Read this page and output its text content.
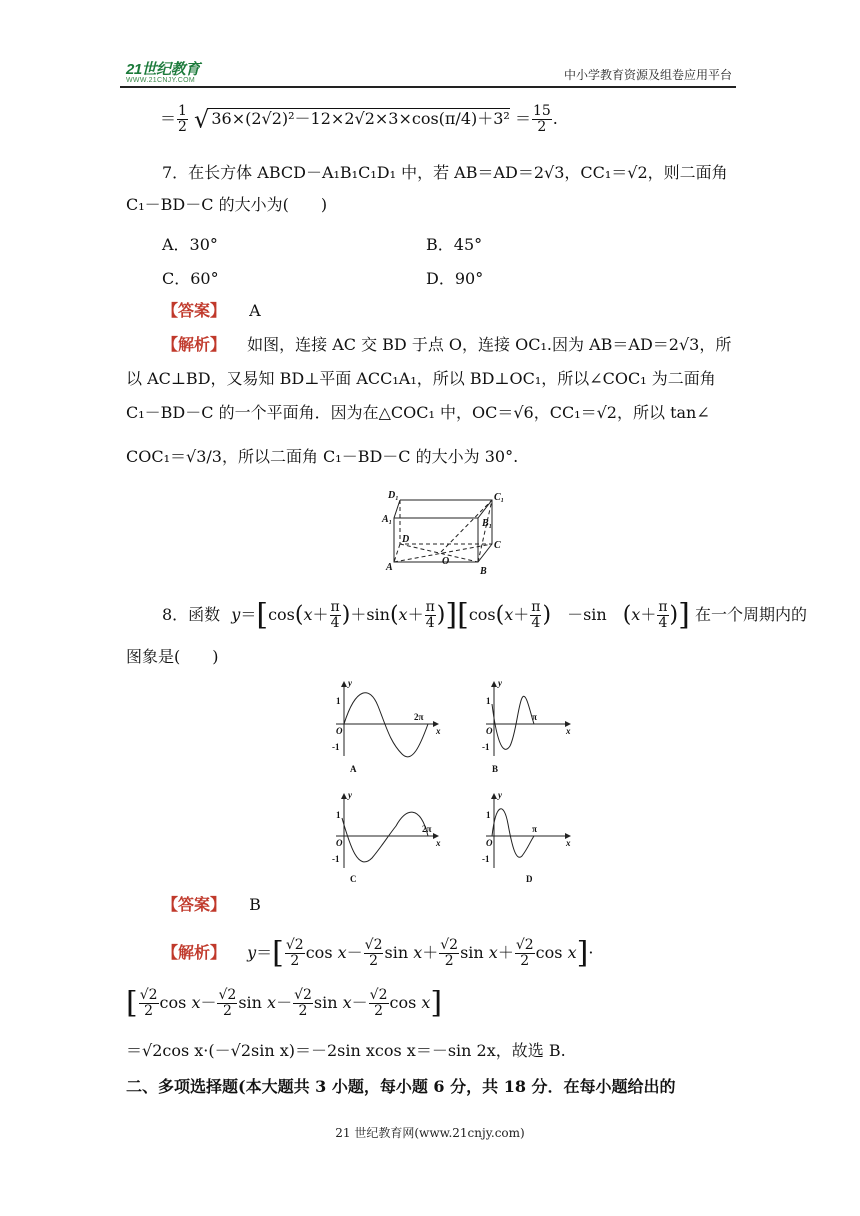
21世纪教育
WWW.21CNJY.COM	中小学教育资源及组卷应用平台
＝ $\frac{1}{2}$ √ $36\times(2√2)^2-12\times 2√2\times 3\times\cos(\pi/4)+3^2 = \frac{15}{2}$ .
7．在长方体 ABCD－A₁B₁C₁D₁ 中，若 AB＝AD＝2√3，CC₁＝√2，则二面角
C₁－BD－C 的大小为(　　)
A．30°	B．45°
C．60°	D．90°
【答案】 A
【解析】 如图，连接 AC 交 BD 于点 O，连接 OC₁.因为 AB＝AD＝2√3，所
以 AC⊥BD，又易知 BD⊥平面 ACC₁A₁，所以 BD⊥OC₁，所以∠COC₁ 为二面角
C₁－BD－C 的一个平面角．因为在△COC₁ 中，OC＝√6，CC₁＝√2，所以 tan∠
COC₁＝√3/3，所以二面角 C₁－BD－C 的大小为 30°.
D₁	C₁
A₁	B₁
D
C
O
A	B
8．函数 $y=[\cos(x+ \frac{\pi}{4} )+\sin(x+ \frac{\pi}{4} )][\cos(x+ \frac{\pi}{4}$ )　－sin　($x+ \frac{\pi}{4}$ )] 在一个周期内的
图象是(　　)
y
1
O
-1
2π
x
A
y
1
O
-1
π
x
B
y
1
O
-1
2π
x
C
y
1
O
-1
π
x
D
【答案】 B
【解析】 $y=[ \frac{√2}{2}$ $\cos x- \frac{√2}{2}$ $\sin x+ \frac{√2}{2}$ $\sin x+ \frac{√2}{2}$ cos x]·
[ $\frac{√2}{2}$ $\cos x- \frac{√2}{2}$ $\sin x- \frac{√2}{2}$ $\sin x- \frac{√2}{2}$ cos x]
＝√2cos x·(－√2sin x)＝－2sin xcos x＝－sin 2x，故选 B.
二、多项选择题(本大题共 3 小题，每小题 6 分，共 18 分．在每小题给出的
21 世纪教育网(www.21cnjy.com)
